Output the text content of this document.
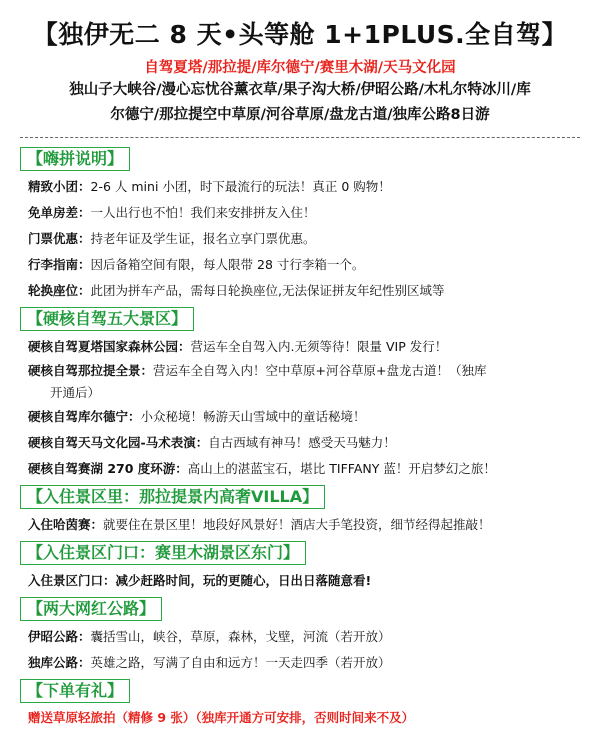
【独伊无二 8 天•头等舱 1+1PLUS.全自驾】
自驾夏塔/那拉提/库尔德宁/赛里木湖/天马文化园
独山子大峡谷/漫心忘忧谷薰衣草/果子沟大桥/伊昭公路/木札尔特冰川/库
尔德宁/那拉提空中草原/河谷草原/盘龙古道/独库公路8日游
【嗨拼说明】
精致小团：2-6 人 mini 小团，时下最流行的玩法！真正 0 购物！
免单房差：一人出行也不怕！我们来安排拼友入住！
门票优惠：持老年证及学生证，报名立享门票优惠。
行李指南：因后备箱空间有限，每人限带 28 寸行李箱一个。
轮换座位：此团为拼车产品，需每日轮换座位,无法保证拼友年纪性别区域等
【硬核自驾五大景区】
硬核自驾夏塔国家森林公园：营运车全自驾入内.无须等待！限量 VIP 发行！
硬核自驾那拉提全景：营运车全自驾入内！空中草原+河谷草原+盘龙古道！（独库
开通后）
硬核自驾库尔德宁：小众秘境！畅游天山雪域中的童话秘境！
硬核自驾天马文化园-马术表演：自古西域有神马！感受天马魅力！
硬核自驾赛湖 270 度环游：高山上的湛蓝宝石，堪比 TIFFANY 蓝！开启梦幻之旅！
【入住景区里：那拉提景内高奢VILLA】
入住哈茵赛：就要住在景区里！地段好风景好！酒店大手笔投资，细节经得起推敲！
【入住景区门口：赛里木湖景区东门】
入住景区门口：减少赶路时间，玩的更随心，日出日落随意看!
【两大网红公路】
伊昭公路：囊括雪山，峡谷，草原，森林，戈壁，河流（若开放）
独库公路：英雄之路，写满了自由和远方！一天走四季（若开放）
【下单有礼】
赠送草原轻旅拍（精修 9 张）（独库开通方可安排，否则时间来不及）
